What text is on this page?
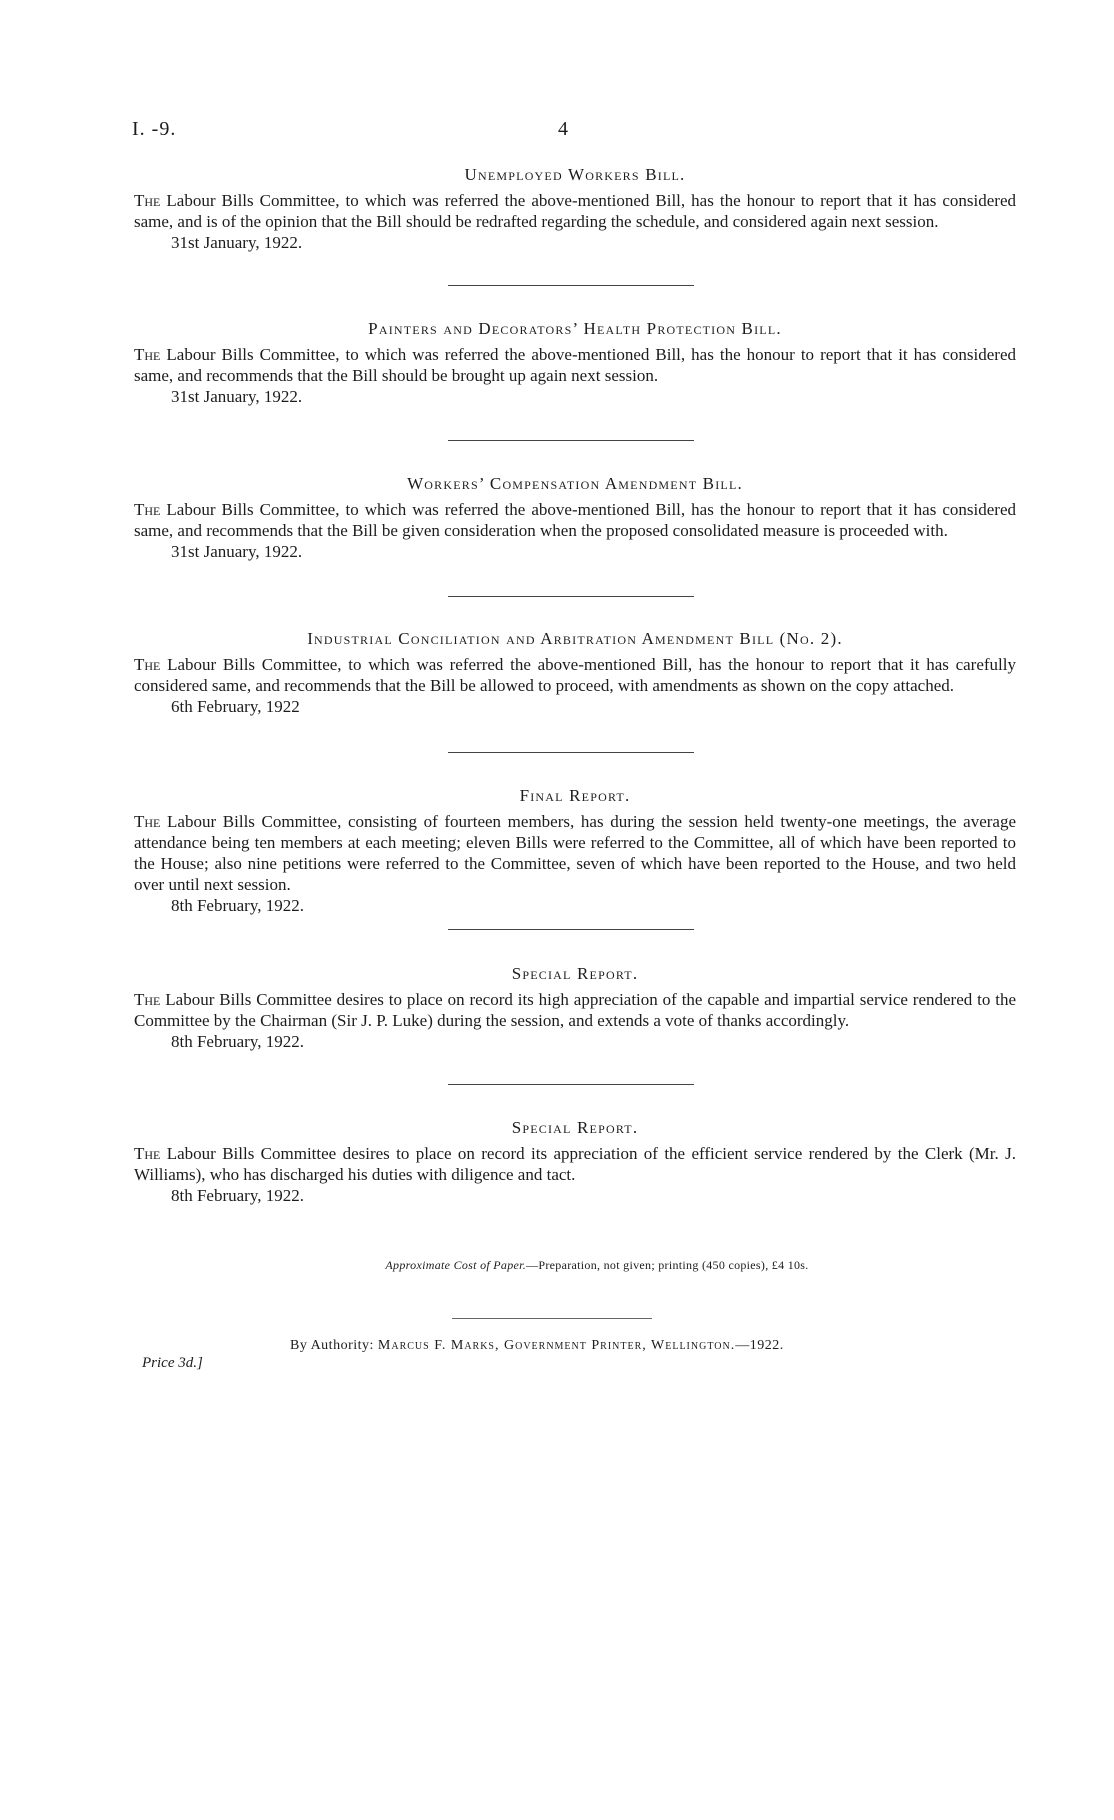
I. -9.	4

Unemployed Workers Bill.

The Labour Bills Committee, to which was referred the above-mentioned Bill, has the honour to report that it has considered same, and is of the opinion that the Bill should be redrafted regarding the schedule, and considered again next session.

31st January, 1922.

Painters and Decorators’ Health Protection Bill.

The Labour Bills Committee, to which was referred the above-mentioned Bill, has the honour to report that it has considered same, and recommends that the Bill should be brought up again next session.

31st January, 1922.

Workers’ Compensation Amendment Bill.

The Labour Bills Committee, to which was referred the above-mentioned Bill, has the honour to report that it has considered same, and recommends that the Bill be given consideration when the proposed consolidated measure is proceeded with.

31st January, 1922.

Industrial Conciliation and Arbitration Amendment Bill (No. 2).

The Labour Bills Committee, to which was referred the above-mentioned Bill, has the honour to report that it has carefully considered same, and recommends that the Bill be allowed to proceed, with amendments as shown on the copy attached.

6th February, 1922

Final Report.

The Labour Bills Committee, consisting of fourteen members, has during the session held twenty-one meetings, the average attendance being ten members at each meeting; eleven Bills were referred to the Committee, all of which have been reported to the House; also nine petitions were referred to the Committee, seven of which have been reported to the House, and two held over until next session.

8th February, 1922.

Special Report.

The Labour Bills Committee desires to place on record its high appreciation of the capable and impartial service rendered to the Committee by the Chairman (Sir J. P. Luke) during the session, and extends a vote of thanks accordingly.

8th February, 1922.

Special Report.

The Labour Bills Committee desires to place on record its appreciation of the efficient service rendered by the Clerk (Mr. J. Williams), who has discharged his duties with diligence and tact.

8th February, 1922.

Approximate Cost of Paper.—Preparation, not given; printing (450 copies), £4 10s.
By Authority: Marcus F. Marks, Government Printer, Wellington.—1922.
Price 3d.]
